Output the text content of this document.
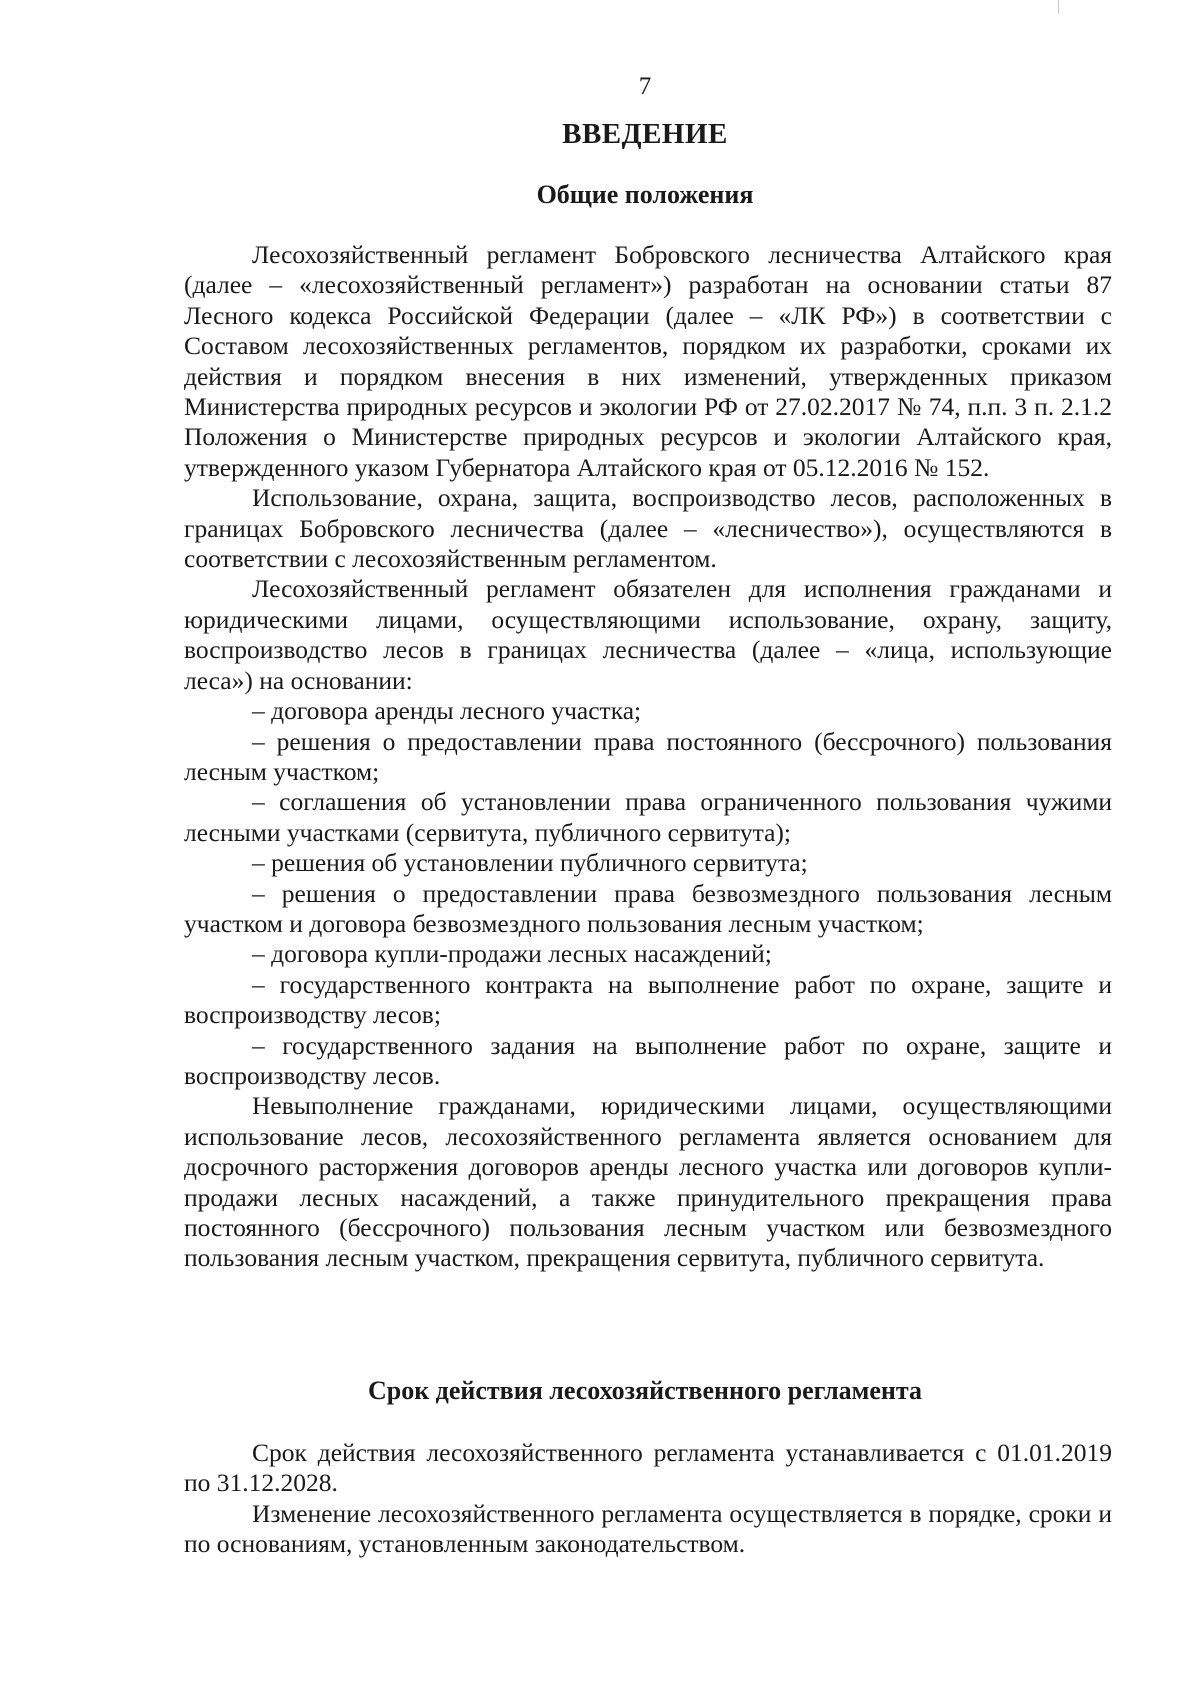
7
ВВЕДЕНИЕ
Общие положения

Лесохозяйственный регламент Бобровского лесничества Алтайского края (далее – «лесохозяйственный регламент») разработан на основании статьи 87 Лесного кодекса Российской Федерации (далее – «ЛК РФ») в соответствии с Составом лесохозяйственных регламентов, порядком их разработки, сроками их действия и порядком внесения в них изменений, утвержденных приказом Министерства природных ресурсов и экологии РФ от 27.02.2017 № 74, п.п. 3 п. 2.1.2 Положения о Министерстве природных ресурсов и экологии Алтайского края, утвержденного указом Губернатора Алтайского края от 05.12.2016 № 152.

Использование, охрана, защита, воспроизводство лесов, расположенных в границах Бобровского лесничества (далее – «лесничество»), осуществляются в соответствии с лесохозяйственным регламентом.

Лесохозяйственный регламент обязателен для исполнения гражданами и юридическими лицами, осуществляющими использование, охрану, защиту, воспроизводство лесов в границах лесничества (далее – «лица, использующие леса») на основании:

– договора аренды лесного участка;

– решения о предоставлении права постоянного (бессрочного) пользования лесным участком;

– соглашения об установлении права ограниченного пользования чужими лесными участками (сервитута, публичного сервитута);

– решения об установлении публичного сервитута;

– решения о предоставлении права безвозмездного пользования лесным участком и договора безвозмездного пользования лесным участком;

– договора купли-продажи лесных насаждений;

– государственного контракта на выполнение работ по охране, защите и воспроизводству лесов;

– государственного задания на выполнение работ по охране, защите и воспроизводству лесов.

Невыполнение гражданами, юридическими лицами, осуществляющими использование лесов, лесохозяйственного регламента является основанием для досрочного расторжения договоров аренды лесного участка или договоров купли-продажи лесных насаждений, а также принудительного прекращения права постоянного (бессрочного) пользования лесным участком или безвозмездного пользования лесным участком, прекращения сервитута, публичного сервитута.

Срок действия лесохозяйственного регламента

Срок действия лесохозяйственного регламента устанавливается с 01.01.2019 по 31.12.2028.

Изменение лесохозяйственного регламента осуществляется в порядке, сроки и по основаниям, установленным законодательством.
